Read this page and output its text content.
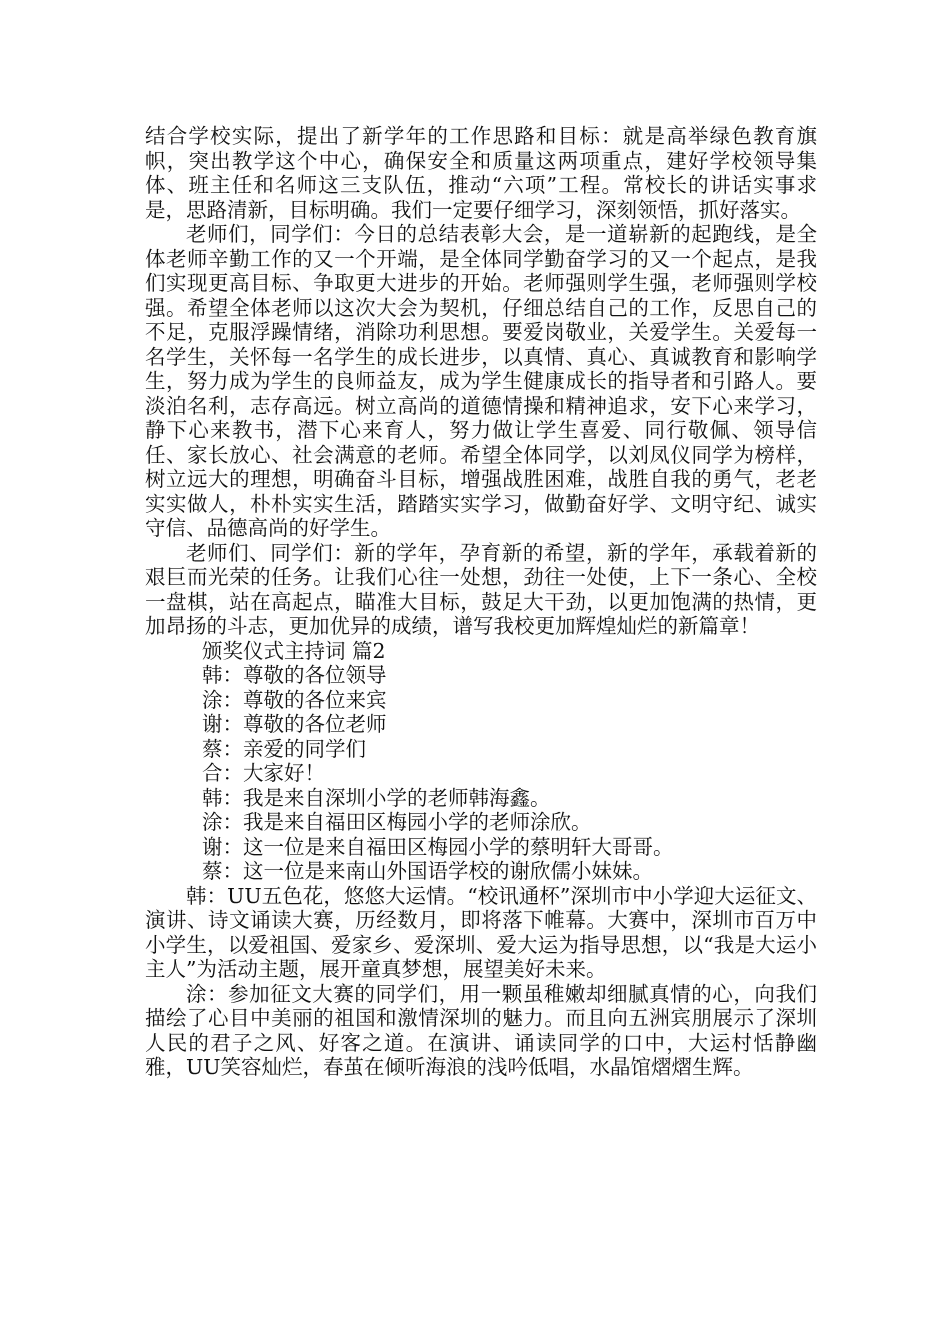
结合学校实际，提出了新学年的工作思路和目标：就是高举绿色教育旗帜，突出教学这个中心，确保安全和质量这两项重点，建好学校领导集体、班主任和名师这三支队伍，推动“六项”工程。常校长的讲话实事求是，思路清新，目标明确。我们一定要仔细学习，深刻领悟，抓好落实。

老师们，同学们：今日的总结表彰大会，是一道崭新的起跑线，是全体老师辛勤工作的又一个开端，是全体同学勤奋学习的又一个起点，是我们实现更高目标、争取更大进步的开始。老师强则学生强，老师强则学校强。希望全体老师以这次大会为契机，仔细总结自己的工作，反思自己的不足，克服浮躁情绪，消除功利思想。要爱岗敬业，关爱学生。关爱每一名学生，关怀每一名学生的成长进步，以真情、真心、真诚教育和影响学生，努力成为学生的良师益友，成为学生健康成长的指导者和引路人。要淡泊名利，志存高远。树立高尚的道德情操和精神追求，安下心来学习，静下心来教书，潜下心来育人，努力做让学生喜爱、同行敬佩、领导信任、家长放心、社会满意的老师。希望全体同学，以刘凤仪同学为榜样，树立远大的理想，明确奋斗目标，增强战胜困难，战胜自我的勇气，老老实实做人，朴朴实实生活，踏踏实实学习，做勤奋好学、文明守纪、诚实守信、品德高尚的好学生。

老师们、同学们：新的学年，孕育新的希望，新的学年，承载着新的艰巨而光荣的任务。让我们心往一处想，劲往一处使，上下一条心、全校一盘棋，站在高起点，瞄准大目标，鼓足大干劲，以更加饱满的热情，更加昂扬的斗志，更加优异的成绩，谱写我校更加辉煌灿烂的新篇章！

颁奖仪式主持词 篇2

韩：尊敬的各位领导

涂：尊敬的各位来宾

谢：尊敬的各位老师

蔡：亲爱的同学们

合：大家好！

韩：我是来自深圳小学的老师韩海鑫。

涂：我是来自福田区梅园小学的老师涂欣。

谢：这一位是来自福田区梅园小学的蔡明轩大哥哥。

蔡：这一位是来南山外国语学校的谢欣儒小妹妹。

韩：UU五色花，悠悠大运情。“校讯通杯”深圳市中小学迎大运征文、演讲、诗文诵读大赛，历经数月，即将落下帷幕。大赛中，深圳市百万中小学生，以爱祖国、爱家乡、爱深圳、爱大运为指导思想，以“我是大运小主人”为活动主题，展开童真梦想，展望美好未来。

涂：参加征文大赛的同学们，用一颗虽稚嫩却细腻真情的心，向我们描绘了心目中美丽的祖国和激情深圳的魅力。而且向五洲宾朋展示了深圳人民的君子之风、好客之道。在演讲、诵读同学的口中，大运村恬静幽雅，UU笑容灿烂，春茧在倾听海浪的浅吟低唱，水晶馆熠熠生辉。
